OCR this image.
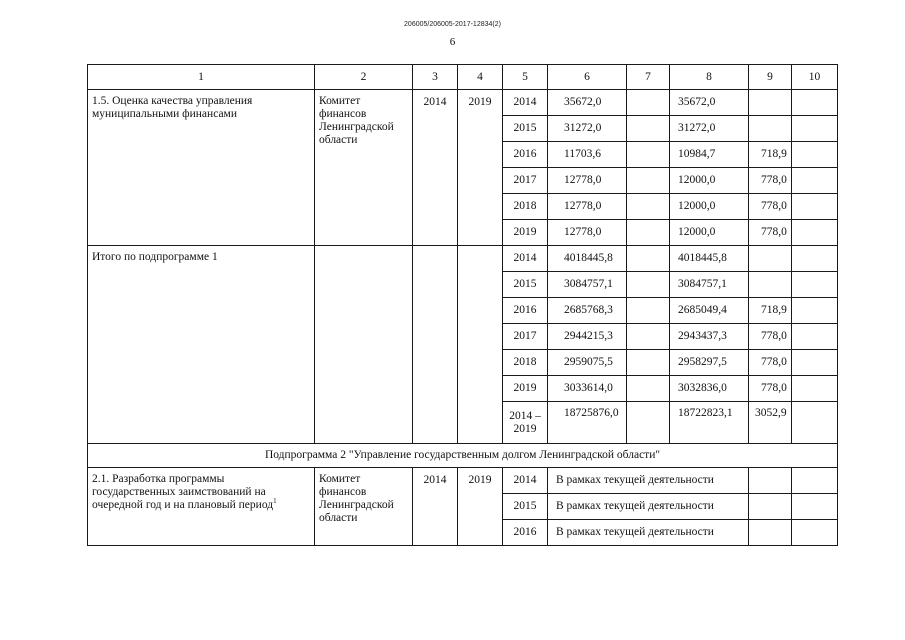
206005/206005-2017-12834(2)
6
1	2	3	4	5	6	7	8	9	10
1.5. Оценка качества управления муниципальными финансами	Комитет финансов Ленинградской области	2014	2019	2014	35672,0		35672,0		
				2015	31272,0		31272,0		
				2016	11703,6		10984,7	718,9	
				2017	12778,0		12000,0	778,0	
				2018	12778,0		12000,0	778,0	
				2019	12778,0		12000,0	778,0	
Итого по подпрограмме 1				2014	4018445,8		4018445,8		
				2015	3084757,1		3084757,1		
				2016	2685768,3		2685049,4	718,9	
				2017	2944215,3		2943437,3	778,0	
				2018	2959075,5		2958297,5	778,0	
				2019	3033614,0		3032836,0	778,0	
				2014 – 2019	18725876,0		18722823,1	3052,9	
Подпрограмма 2 "Управление государственным долгом Ленинградской области"									
2.1. Разработка программы государственных заимствований на очередной год и на плановый период$^1$	Комитет финансов Ленинградской области	2014	2019	2014	В рамках текущей деятельности				
				2015	В рамках текущей деятельности				
				2016	В рамках текущей деятельности				
